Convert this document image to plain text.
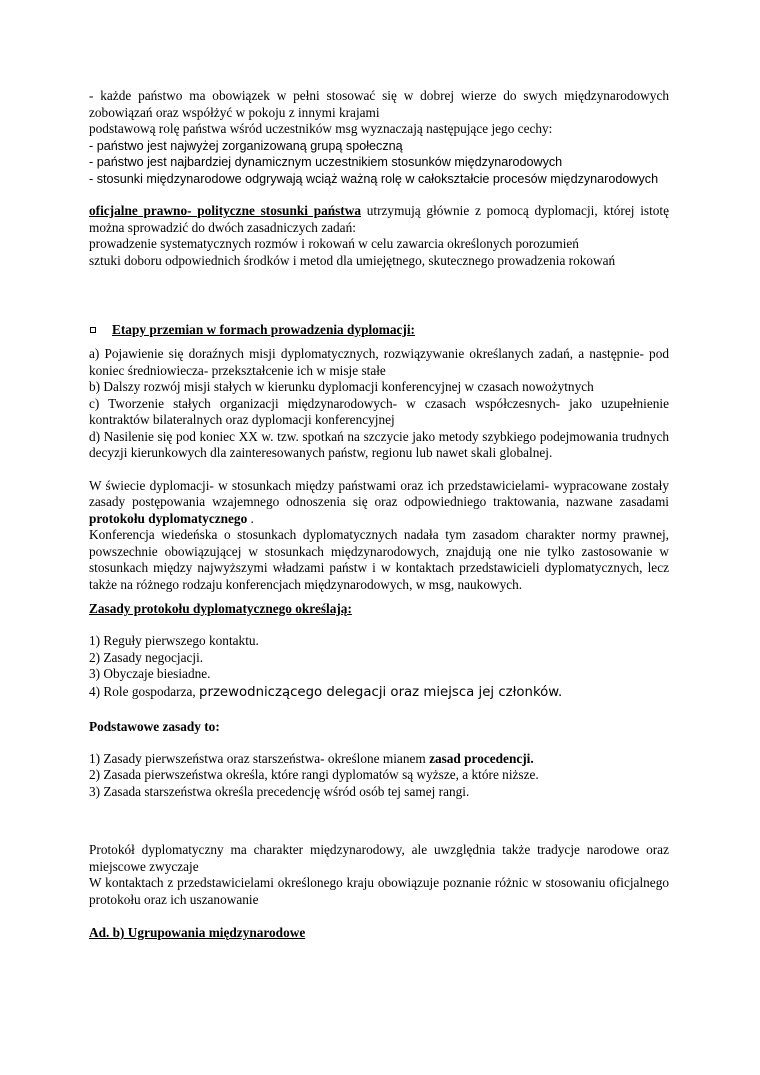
- każde państwo ma obowiązek w pełni stosować się w dobrej wierze do swych międzynarodowych zobowiązań oraz współżyć w pokoju z innymi krajami

podstawową rolę państwa wśród uczestników msg wyznaczają następujące jego cechy:

- państwo jest najwyżej zorganizowaną grupą społeczną

- państwo jest najbardziej dynamicznym uczestnikiem stosunków międzynarodowych

- stosunki międzynarodowe odgrywają wciąż ważną rolę w całokształcie procesów międzynarodowych

oficjalne prawno- polityczne stosunki państwa utrzymują głównie z pomocą dyplomacji, której istotę można sprowadzić do dwóch zasadniczych zadań:

prowadzenie systematycznych rozmów i rokowań w celu zawarcia określonych porozumień

sztuki doboru odpowiednich środków i metod dla umiejętnego, skutecznego prowadzenia rokowań

Etapy przemian w formach prowadzenia dyplomacji:

a) Pojawienie się doraźnych misji dyplomatycznych, rozwiązywanie określanych zadań, a następnie- pod koniec średniowiecza- przekształcenie ich w misje stałe

b) Dalszy rozwój misji stałych w kierunku dyplomacji konferencyjnej w czasach nowożytnych

c) Tworzenie stałych organizacji międzynarodowych- w czasach współczesnych- jako uzupełnienie kontraktów bilateralnych oraz dyplomacji konferencyjnej

d) Nasilenie się pod koniec XX w. tzw. spotkań na szczycie jako metody szybkiego podejmowania trudnych decyzji kierunkowych dla zainteresowanych państw, regionu lub nawet skali globalnej.

W świecie dyplomacji- w stosunkach między państwami oraz ich przedstawicielami- wypracowane zostały zasady postępowania wzajemnego odnoszenia się oraz odpowiedniego traktowania, nazwane zasadami protokołu dyplomatycznego .

Konferencja wiedeńska o stosunkach dyplomatycznych nadała tym zasadom charakter normy prawnej, powszechnie obowiązującej w stosunkach międzynarodowych, znajdują one nie tylko zastosowanie w stosunkach między najwyższymi władzami państw i w kontaktach przedstawicieli dyplomatycznych, lecz także na różnego rodzaju konferencjach międzynarodowych, w msg, naukowych.

Zasady protokołu dyplomatycznego określają:

1) Reguły pierwszego kontaktu.

2) Zasady negocjacji.

3) Obyczaje biesiadne.

4) Role gospodarza, przewodniczącego delegacji oraz miejsca jej członków.

Podstawowe zasady to:

1) Zasady pierwszeństwa oraz starszeństwa- określone mianem zasad procedencji.

2) Zasada pierwszeństwa określa, które rangi dyplomatów są wyższe, a które niższe.

3) Zasada starszeństwa określa precedencję wśród osób tej samej rangi.

Protokół dyplomatyczny ma charakter międzynarodowy, ale uwzględnia także tradycje narodowe oraz miejscowe zwyczaje

W kontaktach z przedstawicielami określonego kraju obowiązuje poznanie różnic w stosowaniu oficjalnego protokołu oraz ich uszanowanie

Ad. b) Ugrupowania międzynarodowe
